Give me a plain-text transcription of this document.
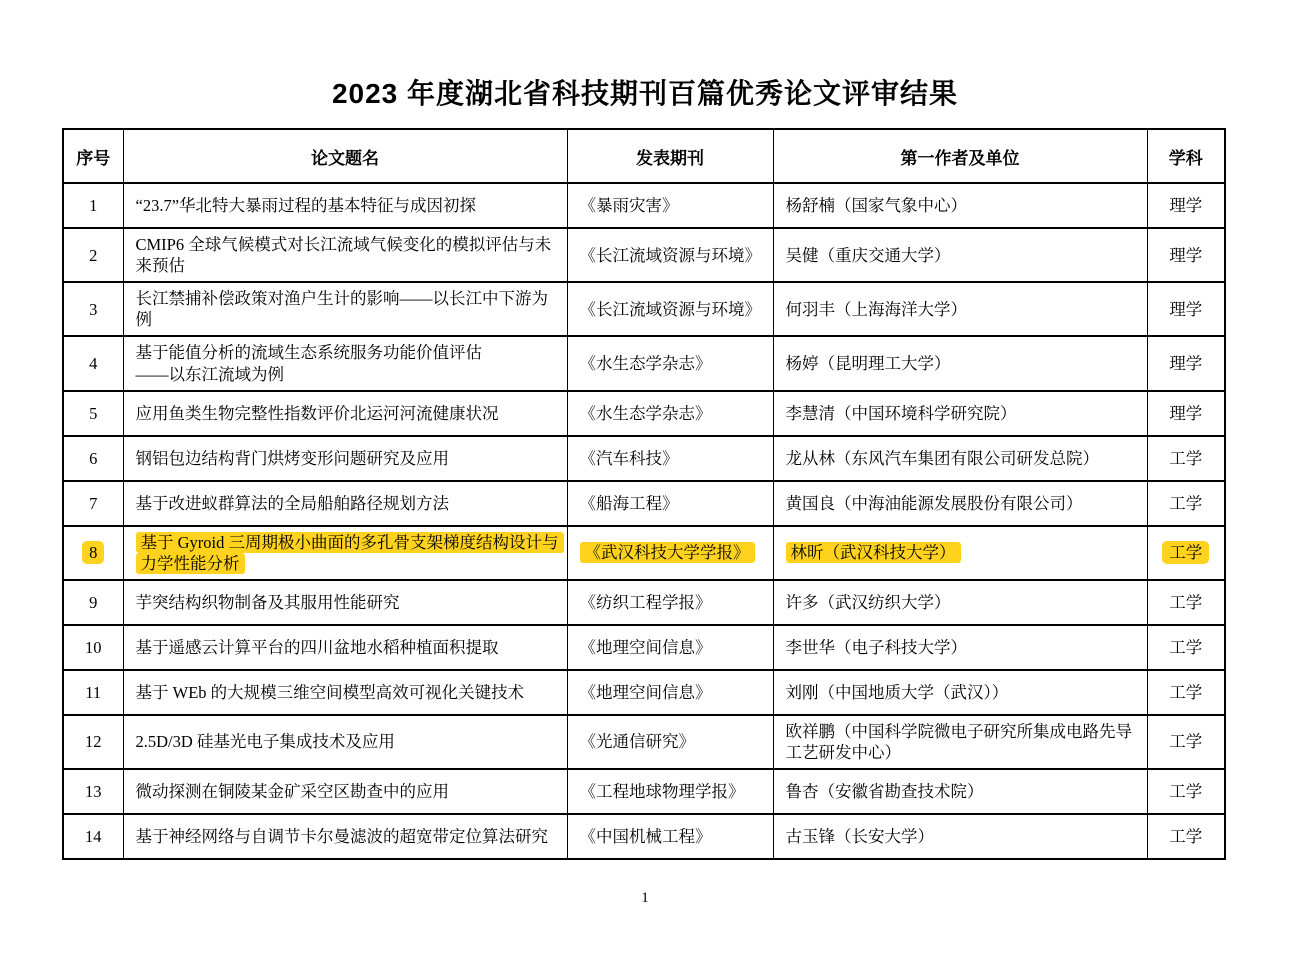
2023 年度湖北省科技期刊百篇优秀论文评审结果
序号	论文题名	发表期刊	第一作者及单位	学科
1	“23.7”华北特大暴雨过程的基本特征与成因初探	《暴雨灾害》	杨舒楠（国家气象中心）	理学
2	CMIP6 全球气候模式对长江流域气候变化的模拟评估与未来预估	《长江流域资源与环境》	吴健（重庆交通大学）	理学
3	长江禁捕补偿政策对渔户生计的影响——以长江中下游为例	《长江流域资源与环境》	何羽丰（上海海洋大学）	理学
4	基于能值分析的流域生态系统服务功能价值评估
——以东江流域为例	《水生态学杂志》	杨婷（昆明理工大学）	理学
5	应用鱼类生物完整性指数评价北运河河流健康状况	《水生态学杂志》	李慧清（中国环境科学研究院）	理学
6	钢铝包边结构背门烘烤变形问题研究及应用	《汽车科技》	龙从林（东风汽车集团有限公司研发总院）	工学
7	基于改进蚁群算法的全局船舶路径规划方法	《船海工程》	黄国良（中海油能源发展股份有限公司）	工学
8	基于 Gyroid 三周期极小曲面的多孔骨支架梯度结构设计与力学性能分析	《武汉科技大学学报》	林昕（武汉科技大学）	工学
9	芋突结构织物制备及其服用性能研究	《纺织工程学报》	许多（武汉纺织大学）	工学
10	基于遥感云计算平台的四川盆地水稻种植面积提取	《地理空间信息》	李世华（电子科技大学）	工学
11	基于 WEb 的大规模三维空间模型高效可视化关键技术	《地理空间信息》	刘刚（中国地质大学（武汉））	工学
12	2.5D/3D 硅基光电子集成技术及应用	《光通信研究》	欧祥鹏（中国科学院微电子研究所集成电路先导工艺研发中心）	工学
13	微动探测在铜陵某金矿采空区勘查中的应用	《工程地球物理学报》	鲁杏（安徽省勘查技术院）	工学
14	基于神经网络与自调节卡尔曼滤波的超宽带定位算法研究	《中国机械工程》	古玉锋（长安大学）	工学
1
